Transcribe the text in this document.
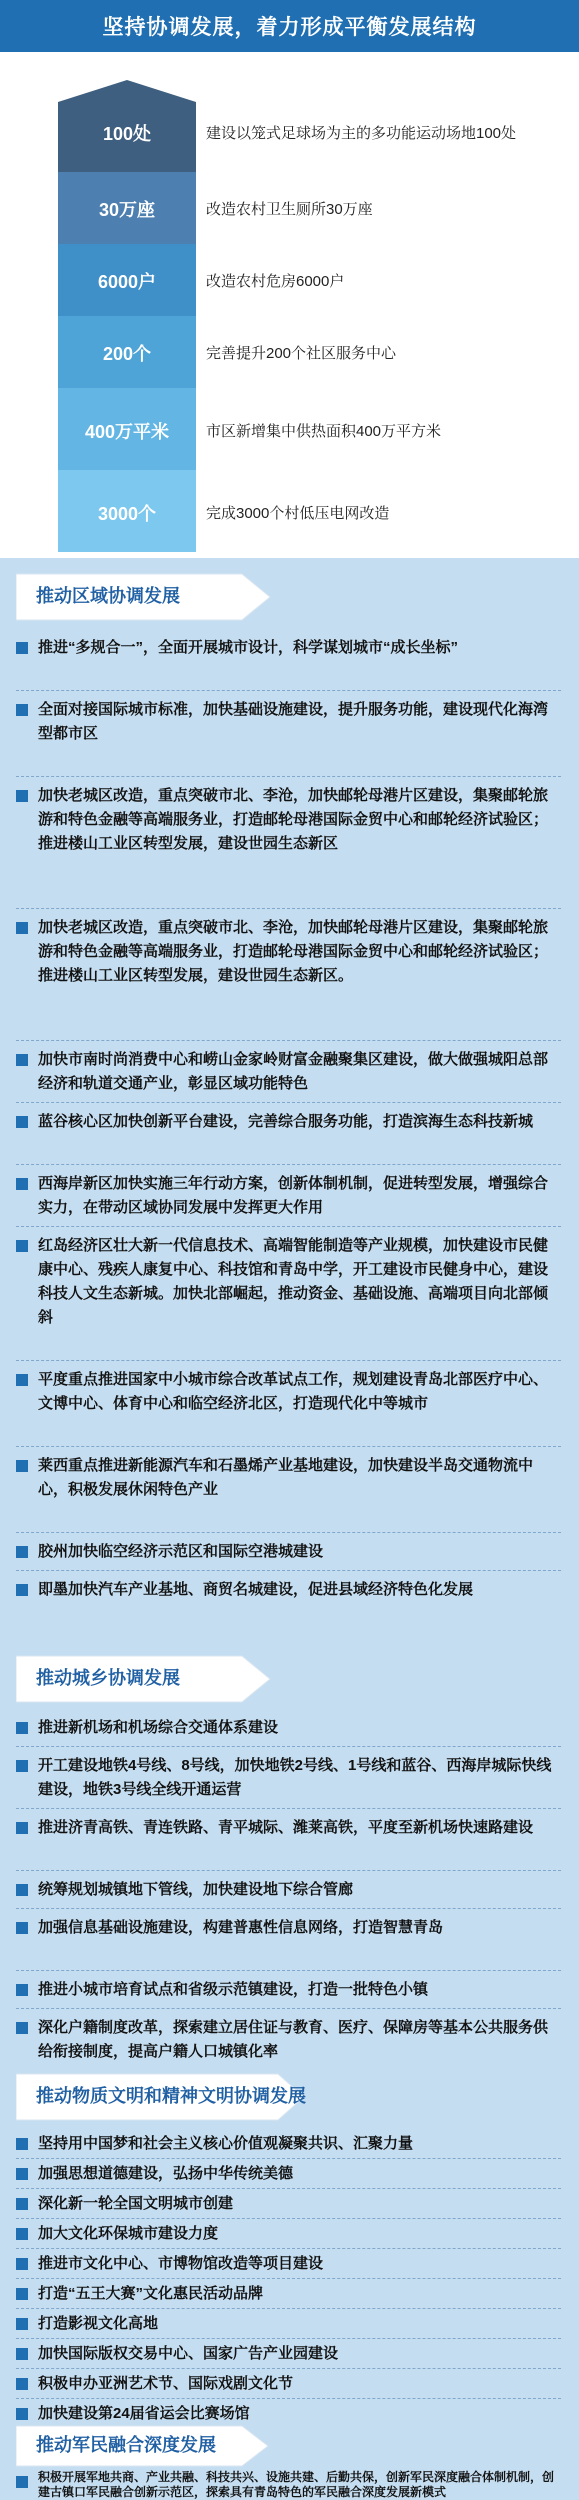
坚持协调发展，着力形成平衡发展结构
100处
30万座
6000户
200个
400万平米
3000个
建设以笼式足球场为主的多功能运动场地100处
改造农村卫生厕所30万座
改造农村危房6000户
完善提升200个社区服务中心
市区新增集中供热面积400万平方米
完成3000个村低压电网改造
推动区域协调发展
推进“多规合一”，全面开展城市设计，科学谋划城市“成长坐标”
全面对接国际城市标准，加快基础设施建设，提升服务功能，建设现代化海湾型都市区
加快老城区改造，重点突破市北、李沧，加快邮轮母港片区建设，集聚邮轮旅游和特色金融等高端服务业，打造邮轮母港国际金贸中心和邮轮经济试验区；推进楼山工业区转型发展，建设世园生态新区
加快老城区改造，重点突破市北、李沧，加快邮轮母港片区建设，集聚邮轮旅游和特色金融等高端服务业，打造邮轮母港国际金贸中心和邮轮经济试验区；推进楼山工业区转型发展，建设世园生态新区。
加快市南时尚消费中心和崂山金家岭财富金融聚集区建设，做大做强城阳总部经济和轨道交通产业，彰显区域功能特色
蓝谷核心区加快创新平台建设，完善综合服务功能，打造滨海生态科技新城
西海岸新区加快实施三年行动方案，创新体制机制，促进转型发展，增强综合实力，在带动区域协同发展中发挥更大作用
红岛经济区壮大新一代信息技术、高端智能制造等产业规模，加快建设市民健康中心、残疾人康复中心、科技馆和青岛中学，开工建设市民健身中心，建设科技人文生态新城。加快北部崛起，推动资金、基础设施、高端项目向北部倾斜
平度重点推进国家中小城市综合改革试点工作，规划建设青岛北部医疗中心、文博中心、体育中心和临空经济北区，打造现代化中等城市
莱西重点推进新能源汽车和石墨烯产业基地建设，加快建设半岛交通物流中心，积极发展休闲特色产业
胶州加快临空经济示范区和国际空港城建设
即墨加快汽车产业基地、商贸名城建设，促进县域经济特色化发展
推动城乡协调发展
推进新机场和机场综合交通体系建设
开工建设地铁4号线、8号线，加快地铁2号线、1号线和蓝谷、西海岸城际快线建设，地铁3号线全线开通运营
推进济青高铁、青连铁路、青平城际、潍莱高铁，平度至新机场快速路建设
统筹规划城镇地下管线，加快建设地下综合管廊
加强信息基础设施建设，构建普惠性信息网络，打造智慧青岛
推进小城市培育试点和省级示范镇建设，打造一批特色小镇
深化户籍制度改革，探索建立居住证与教育、医疗、保障房等基本公共服务供给衔接制度，提高户籍人口城镇化率
推动物质文明和精神文明协调发展
坚持用中国梦和社会主义核心价值观凝聚共识、汇聚力量
加强思想道德建设，弘扬中华传统美德
深化新一轮全国文明城市创建
加大文化环保城市建设力度
推进市文化中心、市博物馆改造等项目建设
打造“五王大赛”文化惠民活动品牌
打造影视文化高地
加快国际版权交易中心、国家广告产业园建设
积极申办亚洲艺术节、国际戏剧文化节
加快建设第24届省运会比赛场馆
推动军民融合深度发展
积极开展军地共商、产业共融、科技共兴、设施共建、后勤共保，创新军民深度融合体制机制，创建古镇口军民融合创新示范区，探索具有青岛特色的军民融合深度发展新模式
